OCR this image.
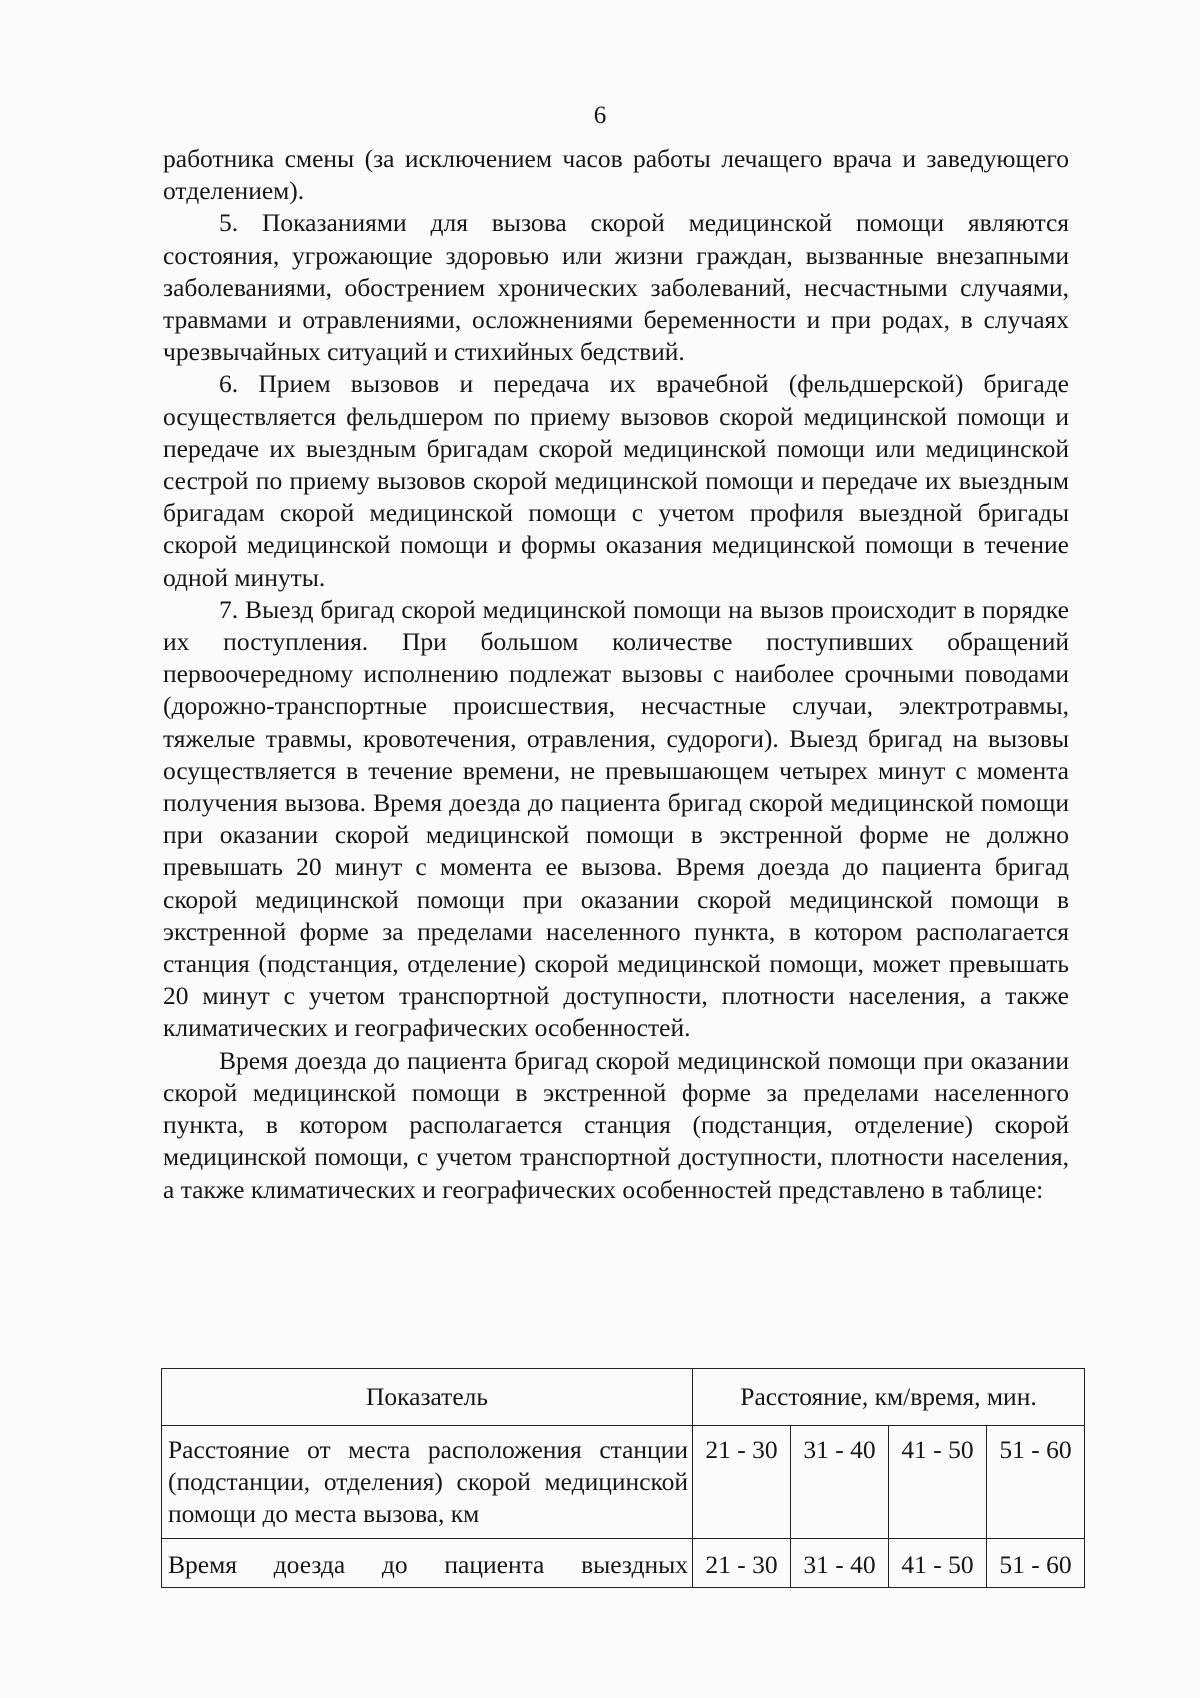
6

работника смены (за исключением часов работы лечащего врача и заведующего отделением).

5. Показаниями для вызова скорой медицинской помощи являются состояния, угрожающие здоровью или жизни граждан, вызванные внезапными заболеваниями, обострением хронических заболеваний, несчастными случаями, травмами и отравлениями, осложнениями беременности и при родах, в случаях чрезвычайных ситуаций и стихийных бедствий.

6. Прием вызовов и передача их врачебной (фельдшерской) бригаде осуществляется фельдшером по приему вызовов скорой медицинской помощи и передаче их выездным бригадам скорой медицинской помощи или медицинской сестрой по приему вызовов скорой медицинской помощи и передаче их выездным бригадам скорой медицинской помощи с учетом профиля выездной бригады скорой медицинской помощи и формы оказания медицинской помощи в течение одной минуты.

7. Выезд бригад скорой медицинской помощи на вызов происходит в порядке их поступления. При большом количестве поступивших обращений первоочередному исполнению подлежат вызовы с наиболее срочными поводами (дорожно-транспортные происшествия, несчастные случаи, электротравмы, тяжелые травмы, кровотечения, отравления, судороги). Выезд бригад на вызовы осуществляется в течение времени, не превышающем четырех минут с момента получения вызова. Время доезда до пациента бригад скорой медицинской помощи при оказании скорой медицинской помощи в экстренной форме не должно превышать 20 минут с момента ее вызова. Время доезда до пациента бригад скорой медицинской помощи при оказании скорой медицинской помощи в экстренной форме за пределами населенного пункта, в котором располагается станция (подстанция, отделение) скорой медицинской помощи, может превышать 20 минут с учетом транспортной доступности, плотности населения, а также климатических и географических особенностей.

Время доезда до пациента бригад скорой медицинской помощи при оказании скорой медицинской помощи в экстренной форме за пределами населенного пункта, в котором располагается станция (подстанция, отделение) скорой медицинской помощи, с учетом транспортной доступности, плотности населения, а также климатических и географических особенностей представлено в таблице:

Показатель	Расстояние, км/время, мин.			
Расстояние от места расположения станции (подстанции, отделения) скорой медицинской помощи до места вызова, км	21 - 30	31 - 40	41 - 50	51 - 60
Время доезда до пациента выездных	21 - 30	31 - 40	41 - 50	51 - 60
